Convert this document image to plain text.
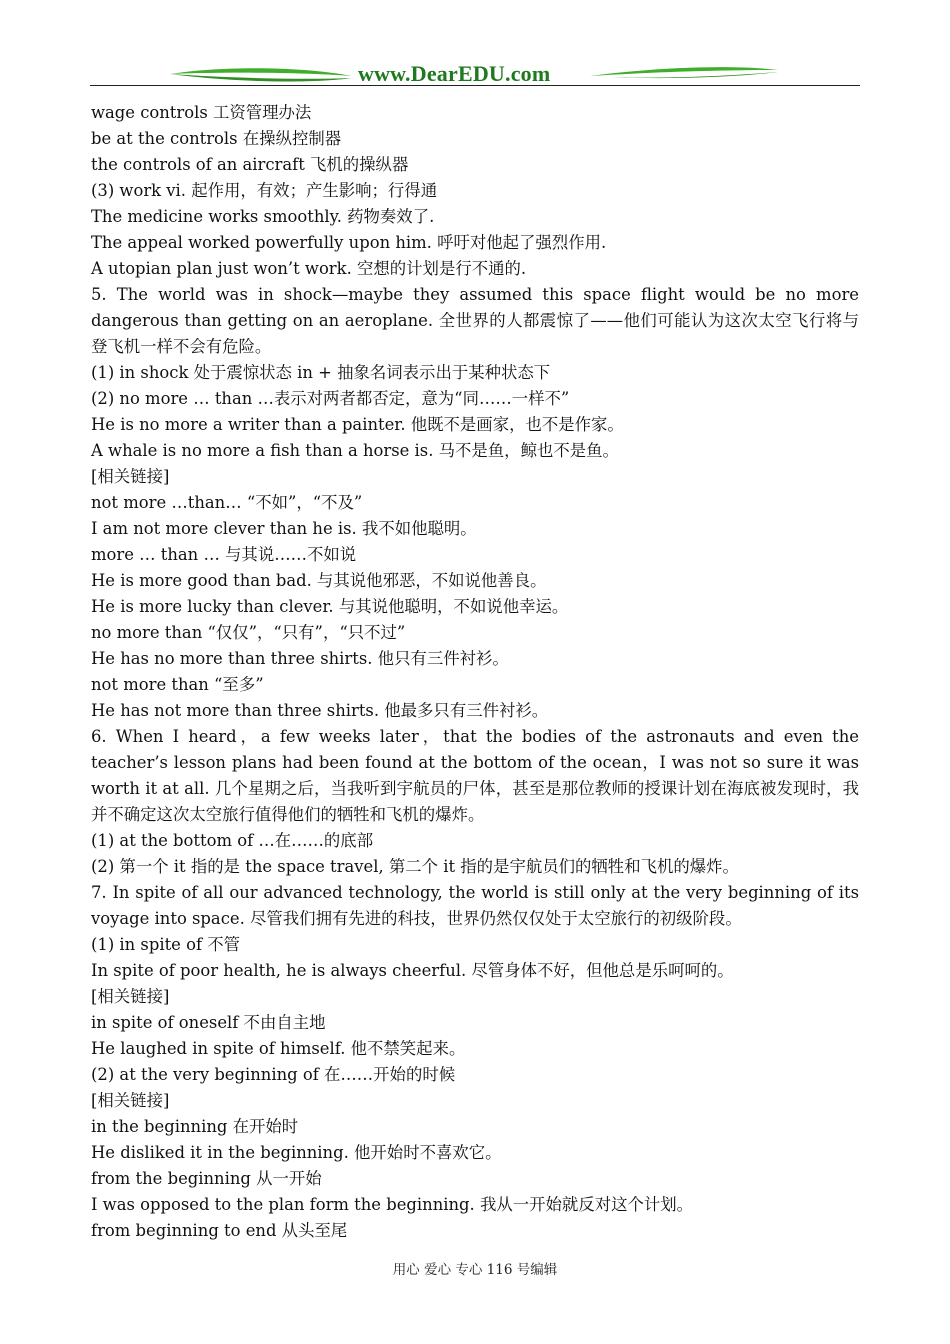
www.DearEDU.com
wage controls 工资管理办法
be at the controls 在操纵控制器
the controls of an aircraft 飞机的操纵器
(3) work vi. 起作用，有效；产生影响；行得通
The medicine works smoothly. 药物奏效了.
The appeal worked powerfully upon him. 呼吁对他起了强烈作用.
A utopian plan just won’t work. 空想的计划是行不通的.
5. The world was in shock—maybe they assumed this space flight would be no more dangerous than getting on an aeroplane. 全世界的人都震惊了——他们可能认为这次太空飞行将与登飞机一样不会有危险。
(1) in shock 处于震惊状态 in + 抽象名词表示出于某种状态下
(2) no more … than …表示对两者都否定，意为“同……一样不”
He is no more a writer than a painter. 他既不是画家，也不是作家。
A whale is no more a fish than a horse is. 马不是鱼，鲸也不是鱼。
[相关链接]
not more …than… “不如”，“不及”
I am not more clever than he is. 我不如他聪明。
more … than … 与其说……不如说
He is more good than bad. 与其说他邪恶，不如说他善良。
He is more lucky than clever. 与其说他聪明，不如说他幸运。
no more than “仅仅”，“只有”，“只不过”
He has no more than three shirts. 他只有三件衬衫。
not more than “至多”
He has not more than three shirts. 他最多只有三件衬衫。
6. When I heard，a few weeks later，that the bodies of the astronauts and even the teacher’s lesson plans had been found at the bottom of the ocean，I was not so sure it was worth it at all. 几个星期之后，当我听到宇航员的尸体，甚至是那位教师的授课计划在海底被发现时，我并不确定这次太空旅行值得他们的牺牲和飞机的爆炸。
(1) at the bottom of …在……的底部
(2) 第一个 it 指的是 the space travel, 第二个 it 指的是宇航员们的牺牲和飞机的爆炸。
7. In spite of all our advanced technology, the world is still only at the very beginning of its voyage into space. 尽管我们拥有先进的科技，世界仍然仅仅处于太空旅行的初级阶段。
(1) in spite of 不管
In spite of poor health, he is always cheerful. 尽管身体不好，但他总是乐呵呵的。
[相关链接]
in spite of oneself 不由自主地
He laughed in spite of himself. 他不禁笑起来。
(2) at the very beginning of 在……开始的时候
[相关链接]
in the beginning 在开始时
He disliked it in the beginning. 他开始时不喜欢它。
from the beginning 从一开始
I was opposed to the plan form the beginning. 我从一开始就反对这个计划。
from beginning to end 从头至尾
用心 爱心 专心 116 号编辑
